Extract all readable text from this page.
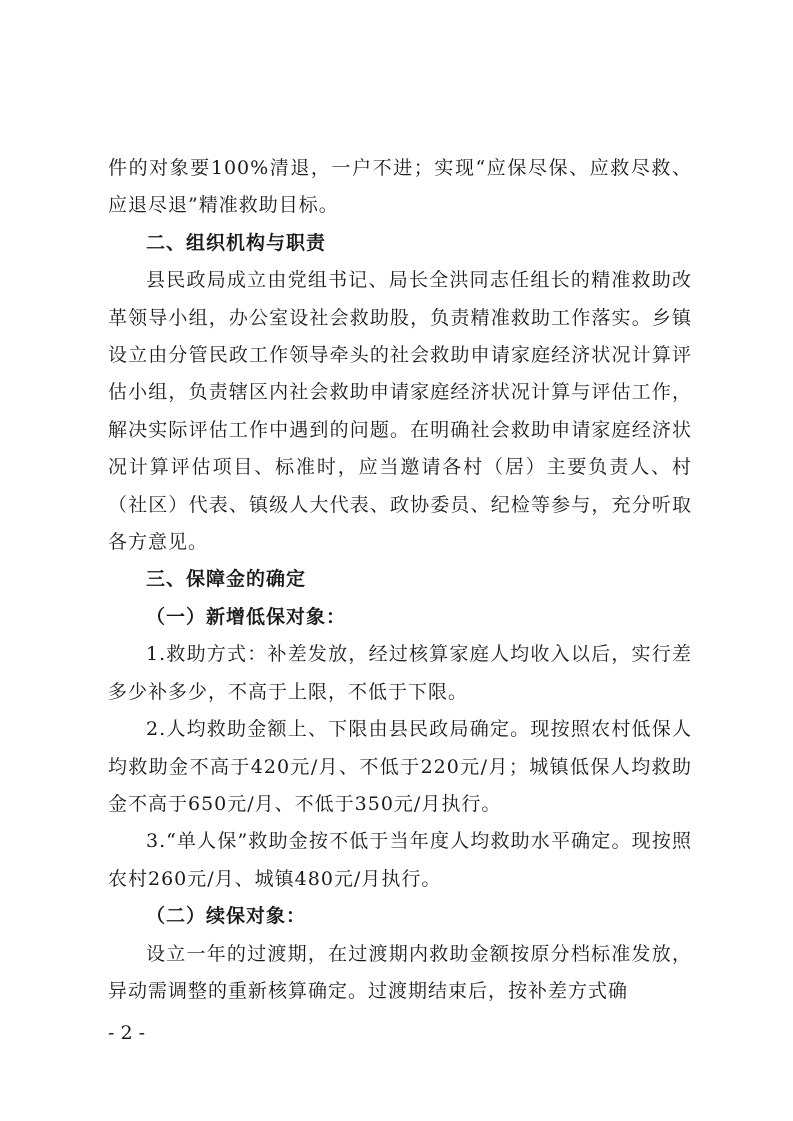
件的对象要100%清退，一户不进；实现“应保尽保、应救尽救、应退尽退”精准救助目标。

二、组织机构与职责

县民政局成立由党组书记、局长全洪同志任组长的精准救助改革领导小组，办公室设社会救助股，负责精准救助工作落实。乡镇设立由分管民政工作领导牵头的社会救助申请家庭经济状况计算评估小组，负责辖区内社会救助申请家庭经济状况计算与评估工作，解决实际评估工作中遇到的问题。在明确社会救助申请家庭经济状况计算评估项目、标准时，应当邀请各村（居）主要负责人、村（社区）代表、镇级人大代表、政协委员、纪检等参与，充分听取各方意见。

三、保障金的确定
（一）新增低保对象：

1.救助方式：补差发放，经过核算家庭人均收入以后，实行差多少补多少，不高于上限，不低于下限。

2.人均救助金额上、下限由县民政局确定。现按照农村低保人均救助金不高于420元/月、不低于220元/月；城镇低保人均救助金不高于650元/月、不低于350元/月执行。

3.“单人保”救助金按不低于当年度人均救助水平确定。现按照农村260元/月、城镇480元/月执行。

（二）续保对象：

设立一年的过渡期，在过渡期内救助金额按原分档标准发放，异动需调整的重新核算确定。过渡期结束后，按补差方式确

- 2 -
